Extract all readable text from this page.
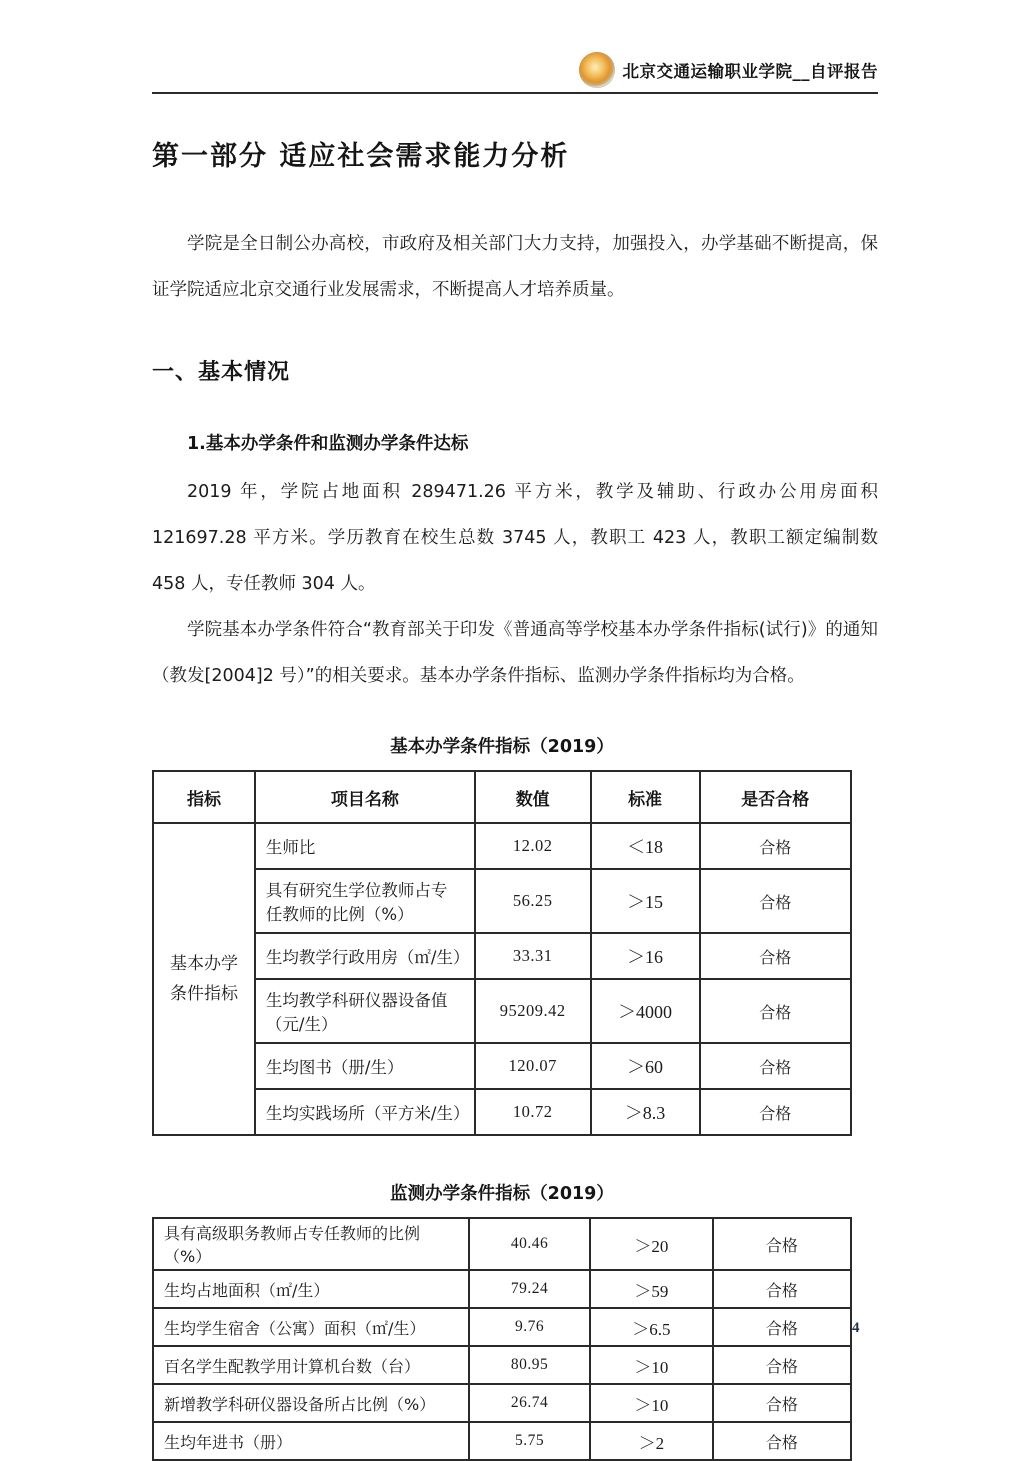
北京交通运输职业学院__自评报告
第一部分 适应社会需求能力分析

学院是全日制公办高校，市政府及相关部门大力支持，加强投入，办学基础不断提高，保证学院适应北京交通行业发展需求，不断提高人才培养质量。

一、基本情况
1.基本办学条件和监测办学条件达标

2019 年，学院占地面积 289471.26 平方米，教学及辅助、行政办公用房面积 121697.28 平方米。学历教育在校生总数 3745 人，教职工 423 人，教职工额定编制数 458 人，专任教师 304 人。

学院基本办学条件符合“教育部关于印发《普通高等学校基本办学条件指标(试行)》的通知（教发[2004]2 号）”的相关要求。基本办学条件指标、监测办学条件指标均为合格。

基本办学条件指标（2019）
指标	项目名称	数值	标准	是否合格
基本办学条件指标	生师比	12.02	＜18	合格
	具有研究生学位教师占专任教师的比例（%）	56.25	＞15	合格
	生均教学行政用房（㎡/生）	33.31	＞16	合格
	生均教学科研仪器设备值（元/生）	95209.42	＞4000	合格
	生均图书（册/生）	120.07	＞60	合格
	生均实践场所（平方米/生）	10.72	＞8.3	合格
监测办学条件指标（2019）
具有高级职务教师占专任教师的比例（%）	40.46	＞20	合格
生均占地面积（㎡/生）	79.24	＞59	合格
生均学生宿舍（公寓）面积（㎡/生）	9.76	＞6.5	合格
百名学生配教学用计算机台数（台）	80.95	＞10	合格
新增教学科研仪器设备所占比例（%）	26.74	＞10	合格
生均年进书（册）	5.75	＞2	合格
4
